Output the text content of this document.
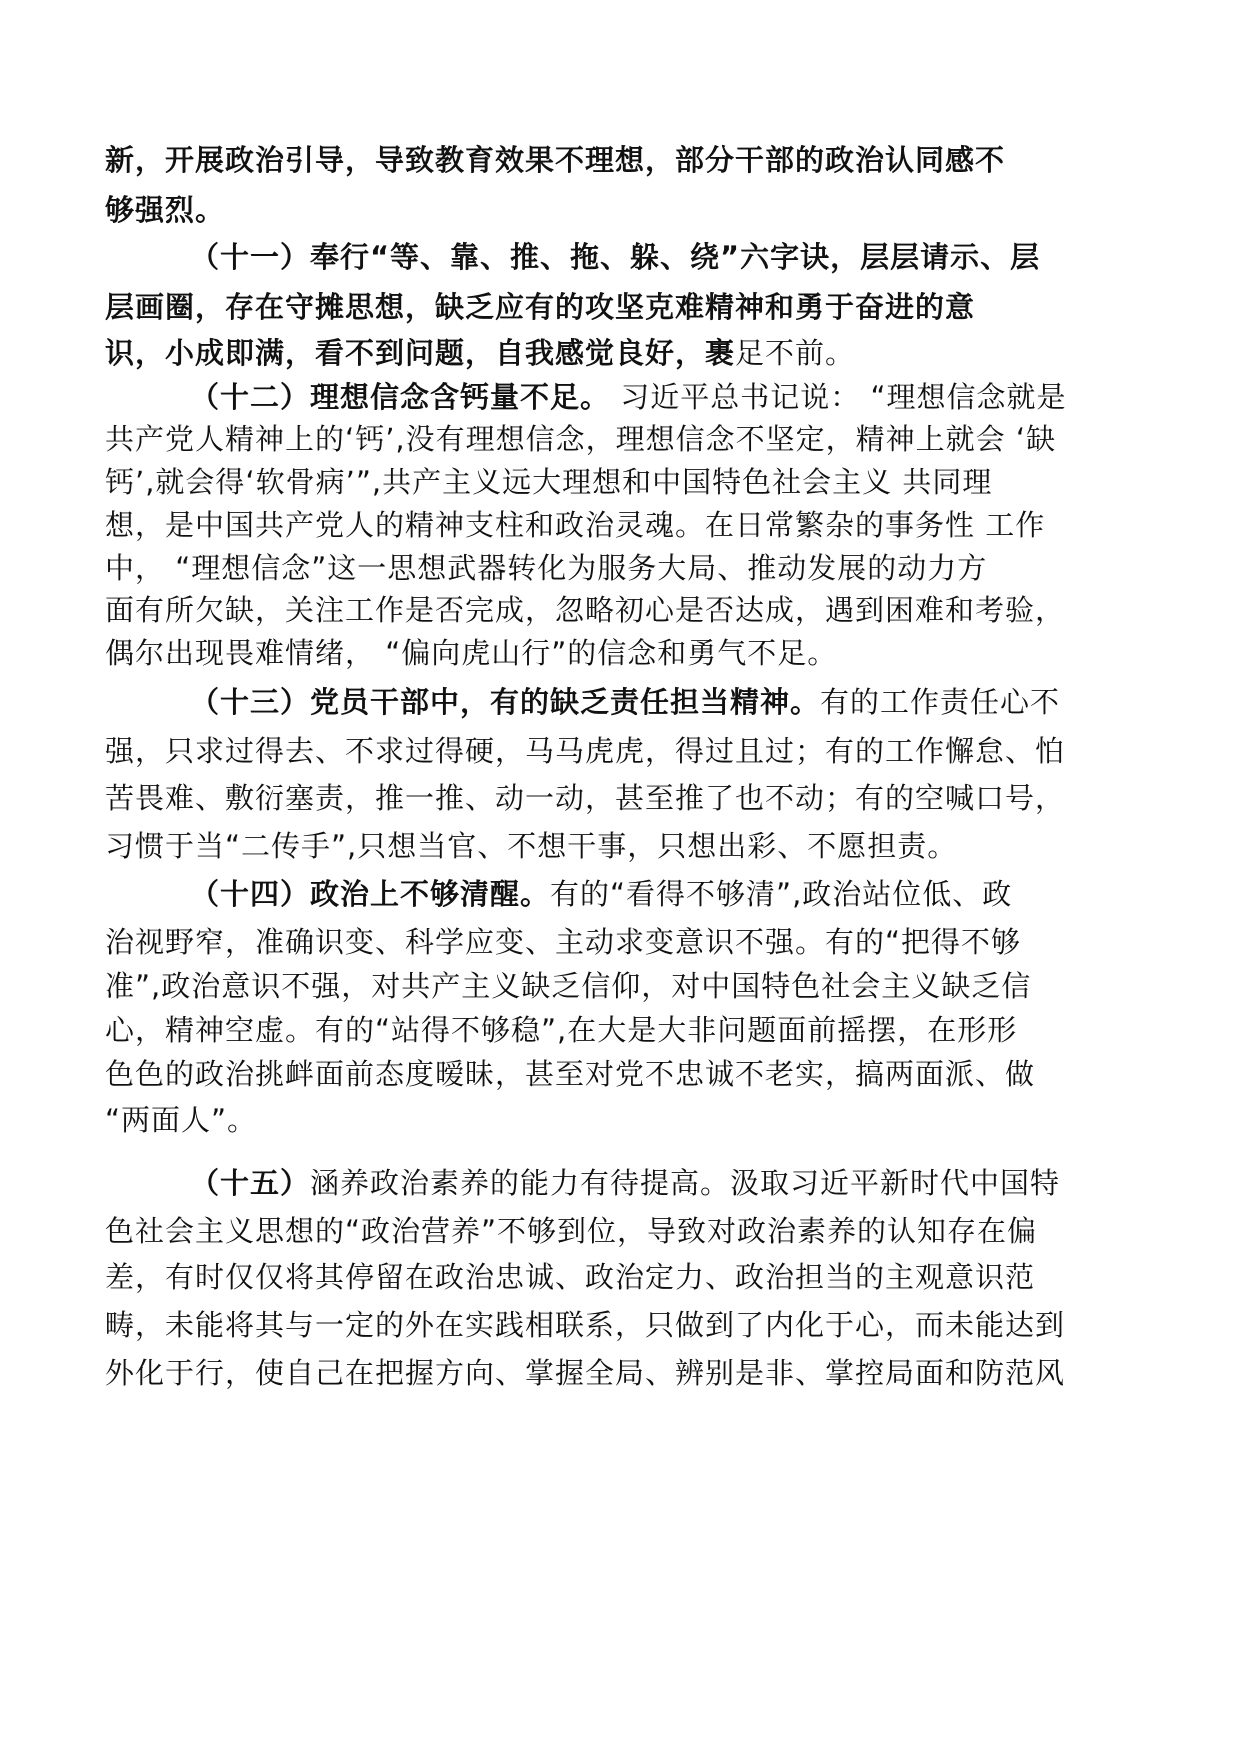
新，开展政治引导，导致教育效果不理想，部分干部的政治认同感不
够强烈。
（十一）奉行“等、靠、推、拖、躲、绕”六字诀，层层请示、层
层画圈，存在守摊思想，缺乏应有的攻坚克难精神和勇于奋进的意
识，小成即满，看不到问题，自我感觉良好，裹足不前。
（十二）理想信念含钙量不足。 习近平总书记说： “理想信念就是
共产党人精神上的‘钙’,没有理想信念，理想信念不坚定，精神上就会 ‘缺
钙’,就会得‘软骨病’”,共产主义远大理想和中国特色社会主义 共同理
想，是中国共产党人的精神支柱和政治灵魂。在日常繁杂的事务性 工作
中， “理想信念”这一思想武器转化为服务大局、推动发展的动力方
面有所欠缺，关注工作是否完成，忽略初心是否达成，遇到困难和考验，
偶尔出现畏难情绪， “偏向虎山行”的信念和勇气不足。
（十三）党员干部中，有的缺乏责任担当精神。有的工作责任心不
强，只求过得去、不求过得硬，马马虎虎，得过且过；有的工作懈怠、怕
苦畏难、敷衍塞责，推一推、动一动，甚至推了也不动；有的空喊口号，
习惯于当“二传手”,只想当官、不想干事，只想出彩、不愿担责。
（十四）政治上不够清醒。有的“看得不够清”,政治站位低、政
治视野窄，准确识变、科学应变、主动求变意识不强。有的“把得不够
准”,政治意识不强，对共产主义缺乏信仰，对中国特色社会主义缺乏信
心，精神空虚。有的“站得不够稳”,在大是大非问题面前摇摆，在形形
色色的政治挑衅面前态度暧昧，甚至对党不忠诚不老实，搞两面派、做
“两面人”。
（十五）涵养政治素养的能力有待提高。汲取习近平新时代中国特
色社会主义思想的“政治营养”不够到位，导致对政治素养的认知存在偏
差，有时仅仅将其停留在政治忠诚、政治定力、政治担当的主观意识范
畴，未能将其与一定的外在实践相联系，只做到了内化于心，而未能达到
外化于行，使自己在把握方向、掌握全局、辨别是非、掌控局面和防范风
